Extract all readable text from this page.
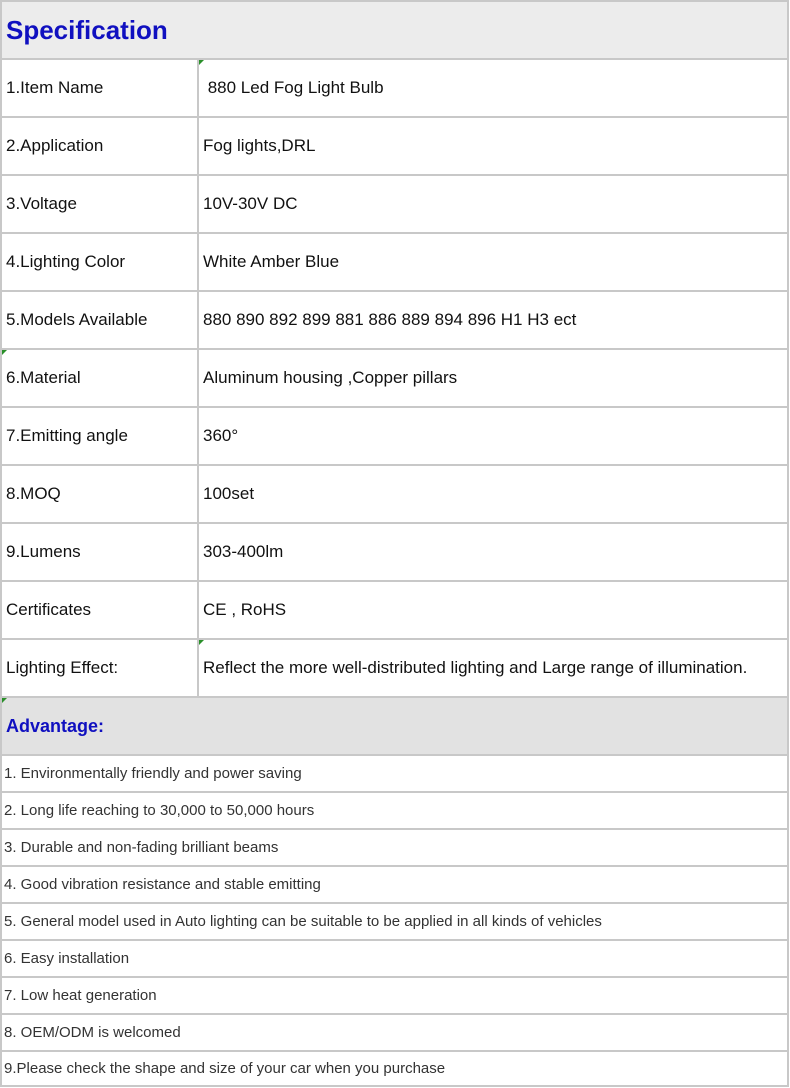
Specification
1.Item Name	880 Led Fog Light Bulb
2.Application	Fog lights,DRL
3.Voltage	10V-30V DC
4.Lighting Color	White Amber Blue
5.Models Available	880 890 892 899 881 886 889 894 896 H1 H3 ect
6.Material	Aluminum housing ,Copper pillars
7.Emitting angle	360°
8.MOQ	100set
9.Lumens	303-400lm
Certificates	CE , RoHS
Lighting Effect:	Reflect the more well-distributed lighting and Large range of illumination.
Advantage:
1. Environmentally friendly and power saving
2. Long life reaching to 30,000 to 50,000 hours
3. Durable and non-fading brilliant beams
4. Good vibration resistance and stable emitting
5. General model used in Auto lighting can be suitable to be applied in all kinds of vehicles
6. Easy installation
7. Low heat generation
8. OEM/ODM is welcomed
9.Please check the shape and size of your car when you purchase
